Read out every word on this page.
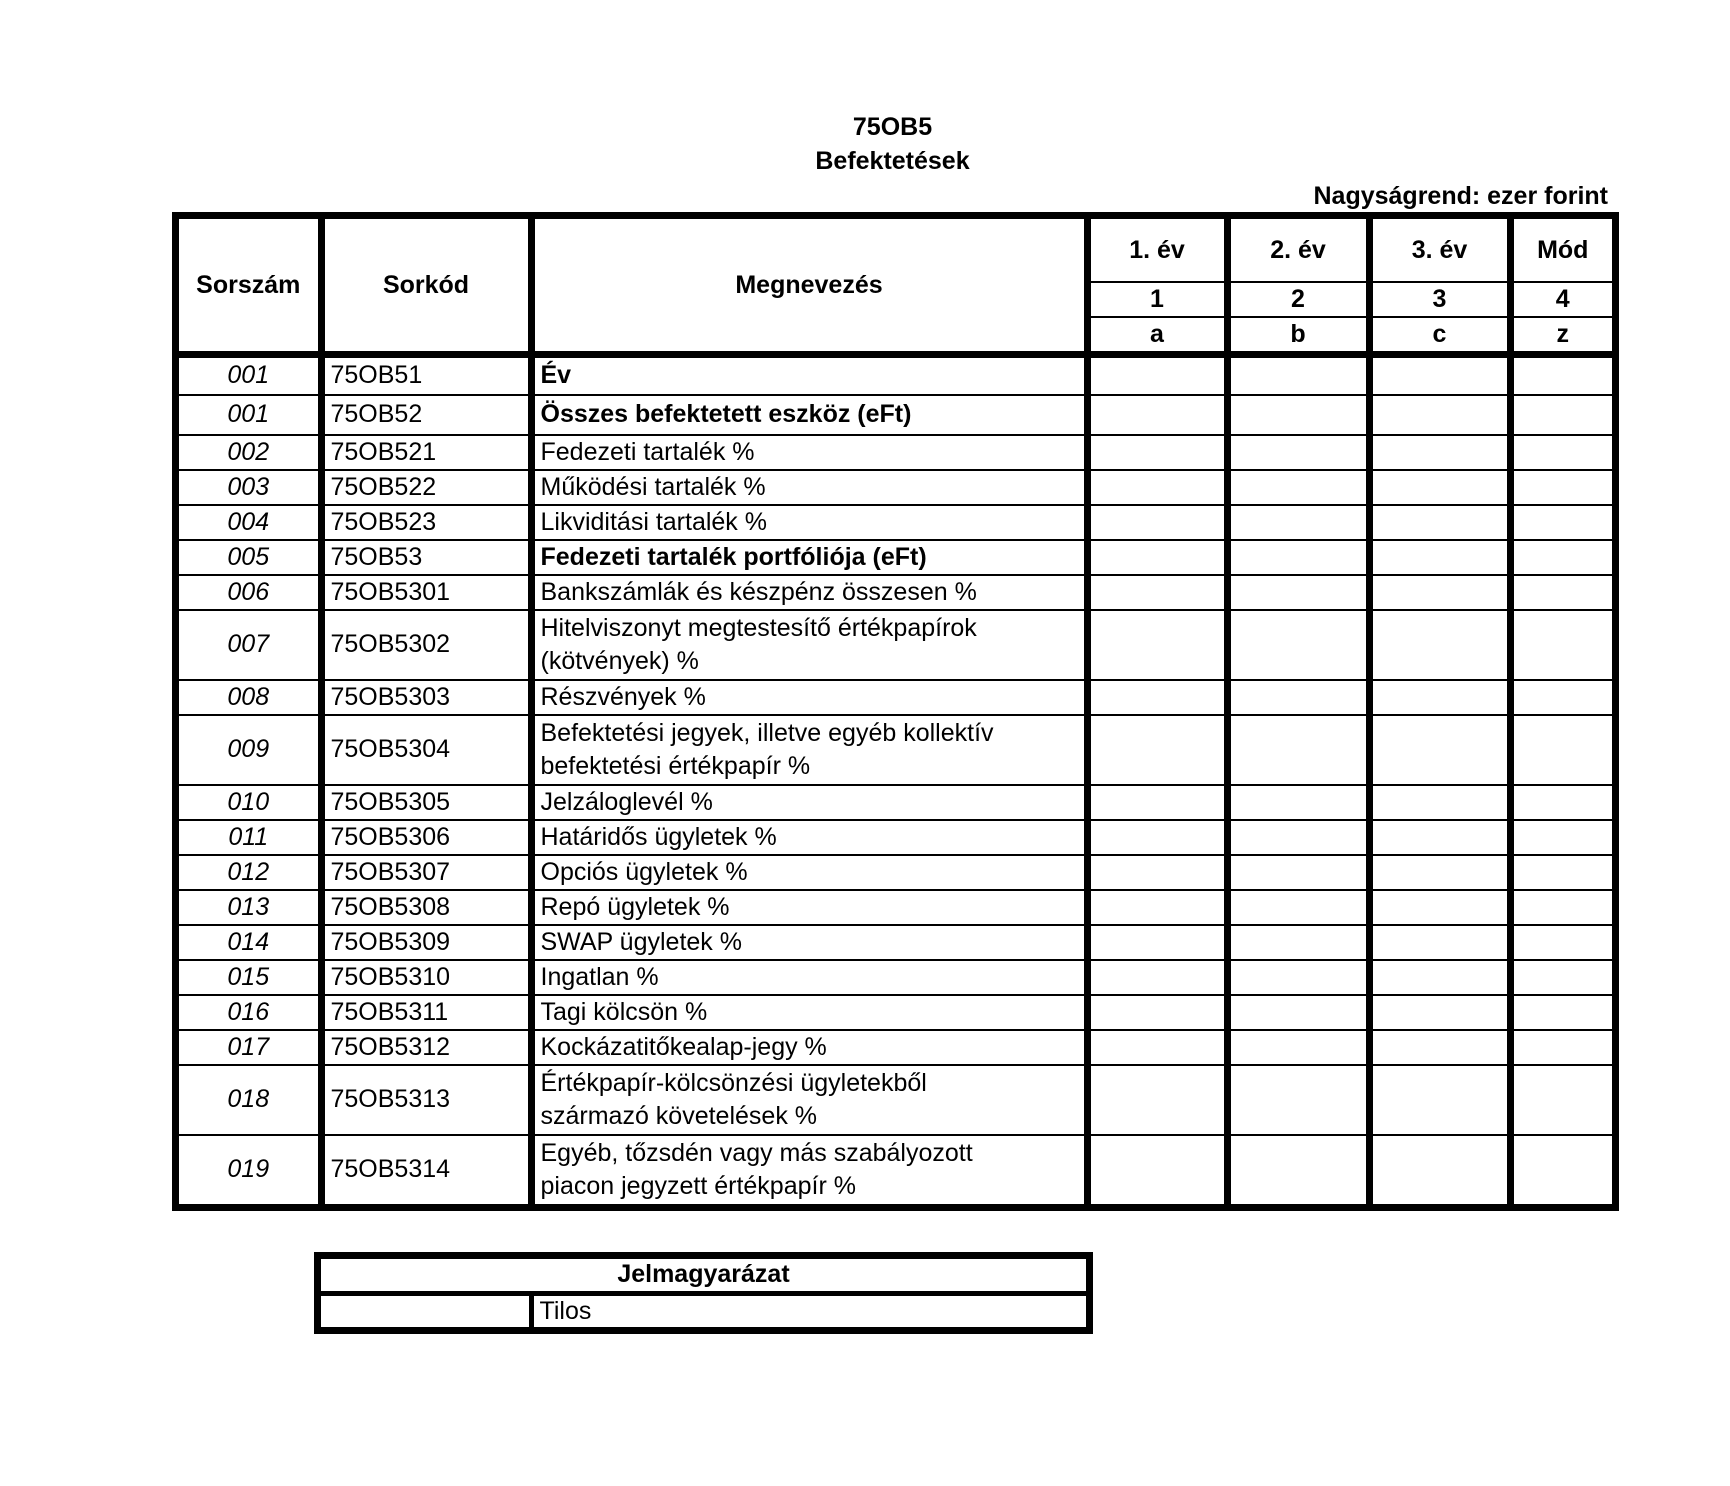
75OB5
Befektetések
Nagyságrend: ezer forint
Sorszám	Sorkód	Megnevezés	1. év	2. év	3. év	Mód
			1	2	3	4
			a	b	c	z
001	75OB51	Év				

001	75OB52	Összes befektetett eszköz (eFt)				

002	75OB521	Fedezeti tartalék %				

003	75OB522	Működési tartalék %				

004	75OB523	Likviditási tartalék %				

005	75OB53	Fedezeti tartalék portfóliója (eFt)				

006	75OB5301	Bankszámlák és készpénz összesen %				

007	75OB5302	Hitelviszonyt megtestesítő értékpapírok
(kötvények) %				

008	75OB5303	Részvények %				

009	75OB5304	Befektetési jegyek, illetve egyéb kollektív
befektetési értékpapír %				

010	75OB5305	Jelzáloglevél %				

011	75OB5306	Határidős ügyletek %				

012	75OB5307	Opciós ügyletek %				

013	75OB5308	Repó ügyletek %				

014	75OB5309	SWAP ügyletek %				

015	75OB5310	Ingatlan %				

016	75OB5311	Tagi kölcsön %				

017	75OB5312	Kockázatitőkealap-jegy %				

018	75OB5313	Értékpapír-kölcsönzési ügyletekből
származó követelések %				

019	75OB5314	Egyéb, tőzsdén vagy más szabályozott
piacon jegyzett értékpapír %				

Jelmagyarázat
	Tilos
